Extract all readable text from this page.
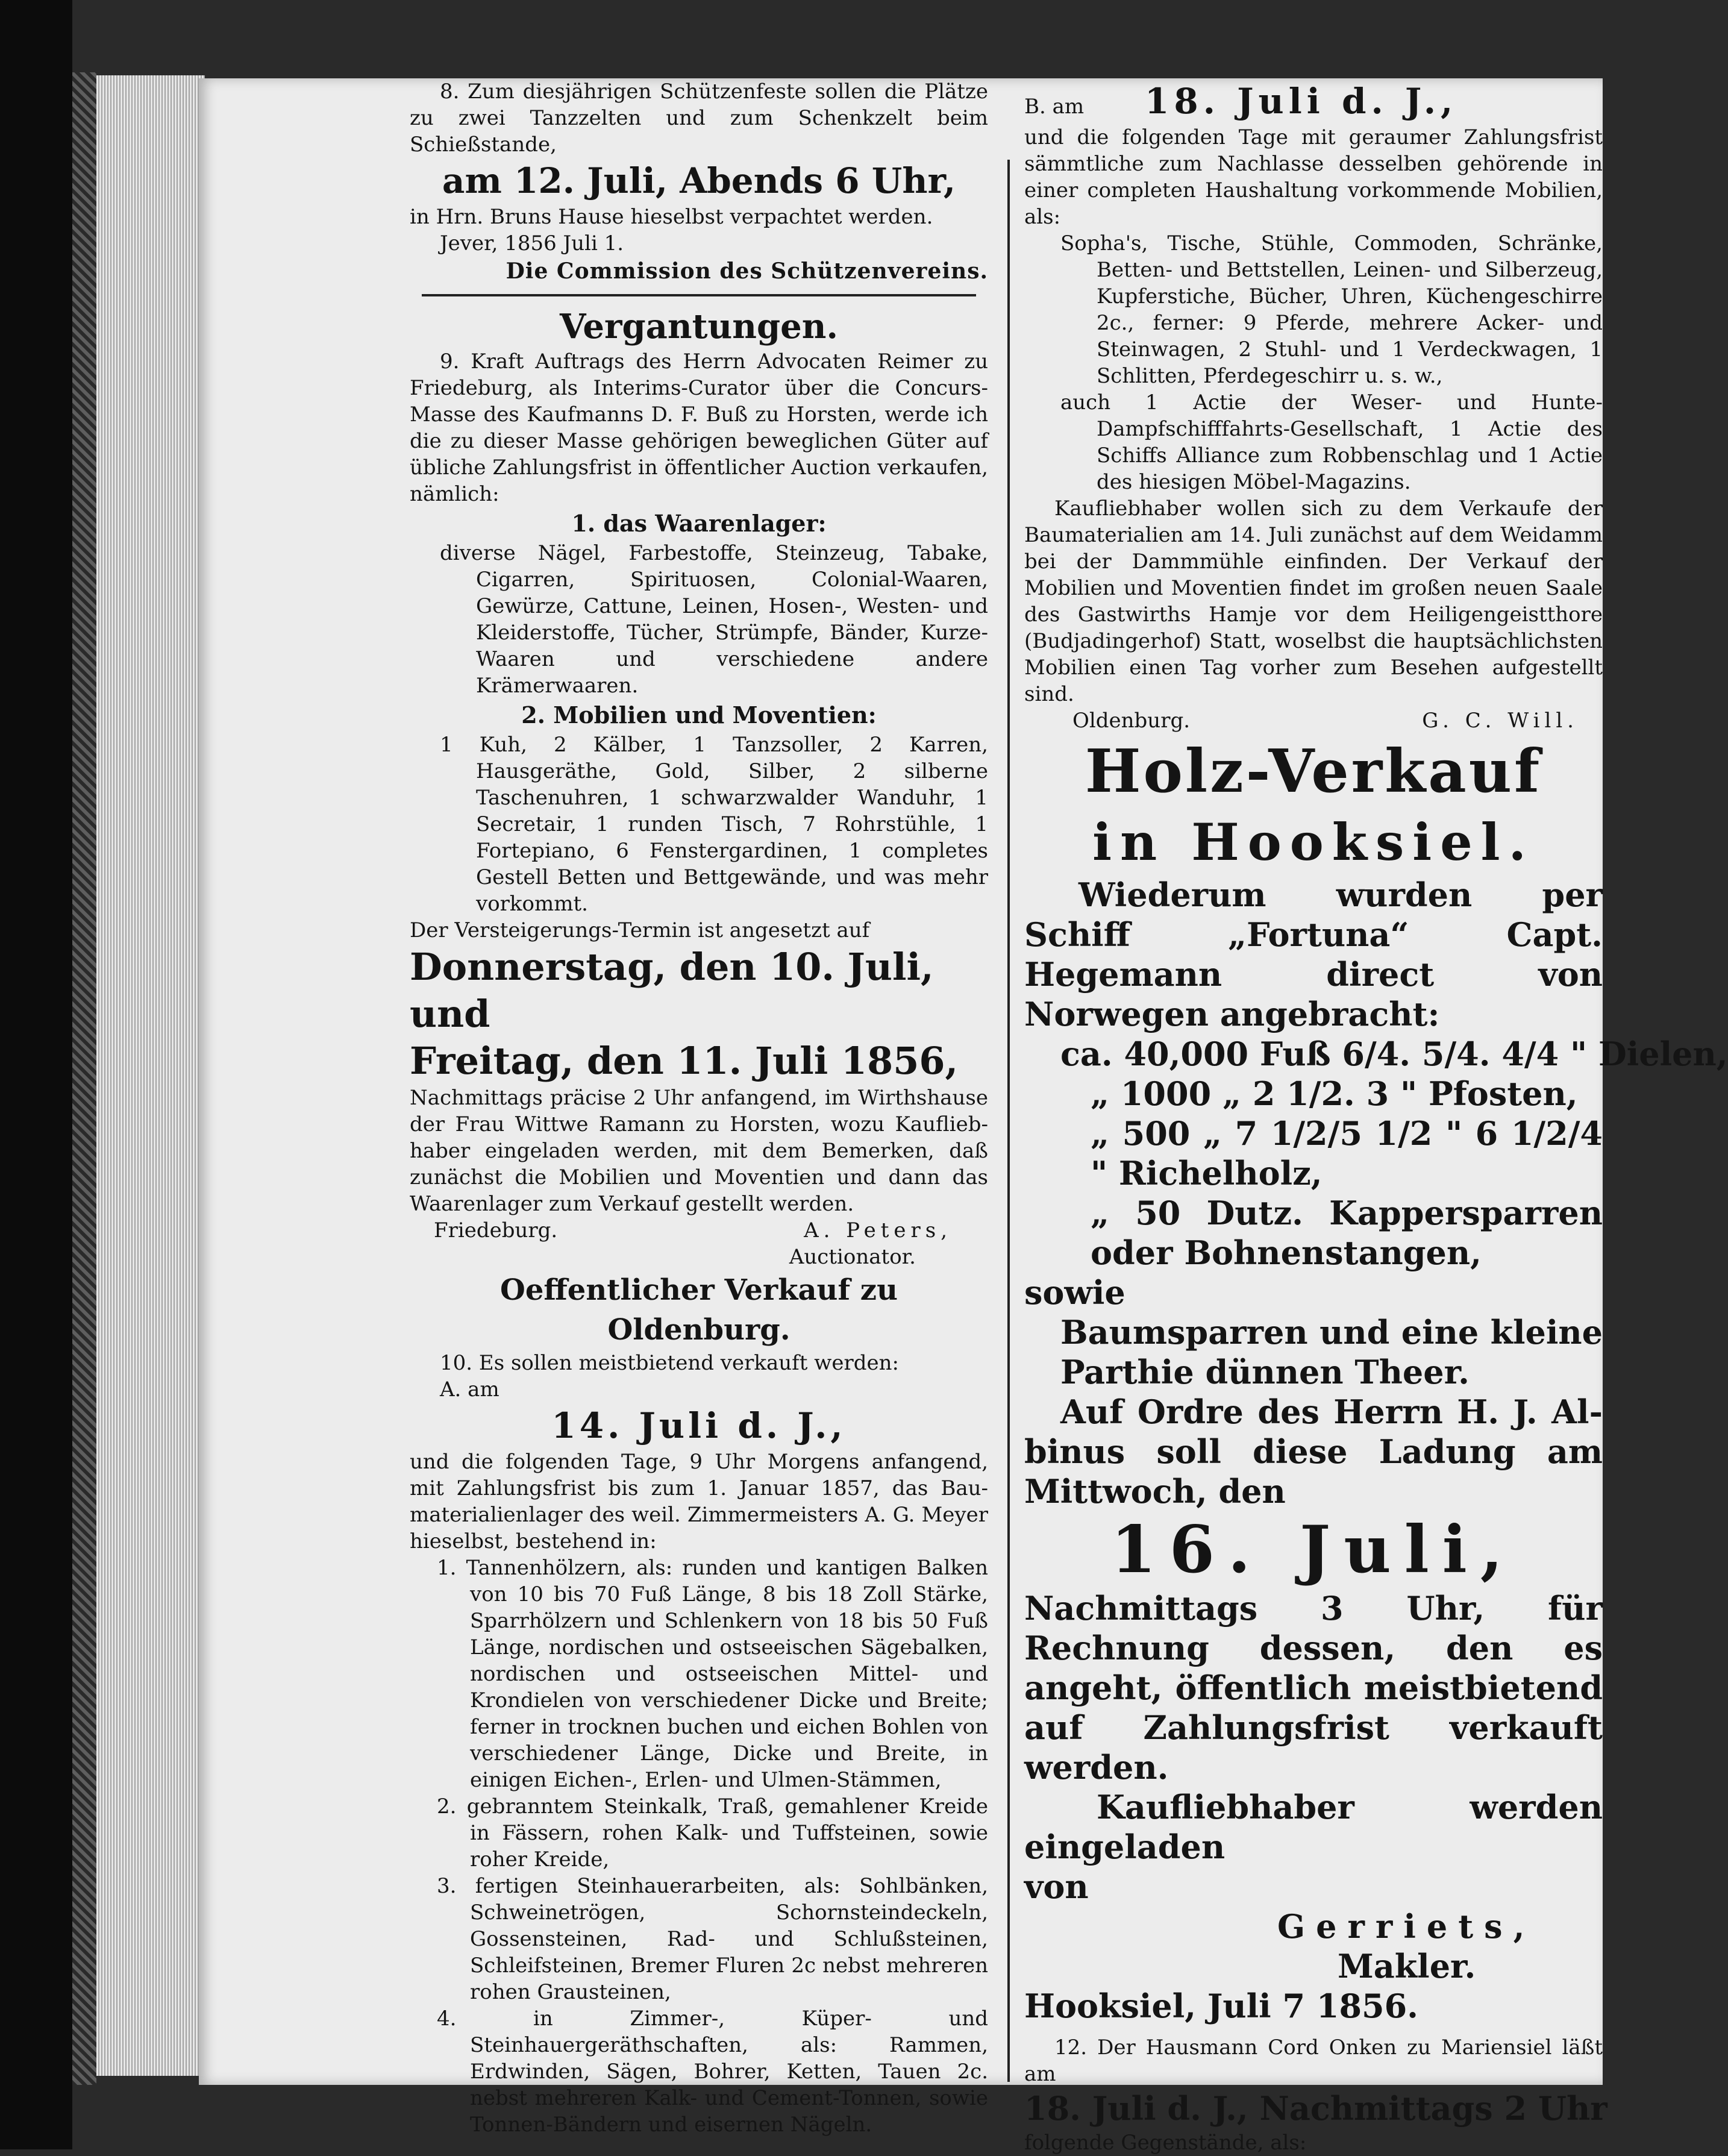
8. Zum diesjährigen Schützenfeste sollen die Plätze zu zwei Tanzzelten und zum Schenkzelt beim Schießstande,

am 12. Juli, Abends 6 Uhr,

in Hrn. Bruns Hause hieselbst verpachtet werden.

Jever, 1856 Juli 1.

Die Commission des Schützenvereins.
Vergantungen.

9. Kraft Auftrags des Herrn Advocaten Reimer zu Friedeburg, als Interims-Curator über die Concurs-Masse des Kaufmanns D. F. Buß zu Horsten, werde ich die zu dieser Masse gehörigen beweglichen Güter auf übliche Zahlungsfrist in öffentlicher Auction verkaufen, nämlich:

1. das Waarenlager:

diverse Nägel, Farbestoffe, Steinzeug, Tabake, Cigarren, Spirituosen, Colonial-Waaren, Gewürze, Cattune, Leinen, Hosen-, Westen- und Kleiderstoffe, Tücher, Strümpfe, Bänder, Kurze-Waaren und verschiedene andere Krämerwaaren.

2. Mobilien und Moventien:

1 Kuh, 2 Kälber, 1 Tanzsoller, 2 Karren, Hausgeräthe, Gold, Silber, 2 silberne Taschenuhren, 1 schwarzwalder Wanduhr, 1 Secretair, 1 runden Tisch, 7 Rohrstühle, 1 Fortepiano, 6 Fenstergardinen, 1 completes Gestell Betten und Bettgewände, und was mehr vorkommt.

Der Versteigerungs-Termin ist angesetzt auf

Donnerstag, den 10. Juli, und
Freitag, den 11. Juli 1856,

Nachmittags präcise 2 Uhr anfangend, im Wirthshause der Frau Wittwe Ramann zu Horsten, wozu Kaufliebhaber eingeladen werden, mit dem Bemerken, daß zunächst die Mobilien und Moventien und dann das Waarenlager zum Verkauf gestellt werden.

Friedeburg.	A. Peters,

Auctionator.

Oeffentlicher Verkauf zu Oldenburg.

10. Es sollen meistbietend verkauft werden:

A. am

14. Juli d. J.,

und die folgenden Tage, 9 Uhr Morgens anfangend, mit Zahlungsfrist bis zum 1. Januar 1857, das Baumaterialienlager des weil. Zimmermeisters A. G. Meyer hieselbst, bestehend in:

1. Tannenhölzern, als: runden und kantigen Balken von 10 bis 70 Fuß Länge, 8 bis 18 Zoll Stärke, Sparrhölzern und Schlenkern von 18 bis 50 Fuß Länge, nordischen und ostseeischen Sägebalken, nordischen und ostseeischen Mittel- und Krondielen von verschiedener Dicke und Breite; ferner in trocknen buchen und eichen Bohlen von verschiedener Länge, Dicke und Breite, in einigen Eichen-, Erlen- und Ulmen-Stämmen,

2. gebranntem Steinkalk, Traß, gemahlener Kreide in Fässern, rohen Kalk- und Tuffsteinen, sowie roher Kreide,

3. fertigen Steinhauerarbeiten, als: Sohlbänken, Schweinetrögen, Schornsteindeckeln, Gossensteinen, Rad- und Schlußsteinen, Schleifsteinen, Bremer Fluren 2c nebst mehreren rohen Grausteinen,

4. in Zimmer-, Küper- und Steinhauergeräthschaften, als: Rammen, Erdwinden, Sägen, Bohrer, Ketten, Tauen 2c. nebst mehreren Kalk- und Cement-Tonnen, sowie Tonnen-Bändern und eisernen Nägeln.

B. am	18. Juli d. J.,

und die folgenden Tage mit geraumer Zahlungsfrist sämmtliche zum Nachlasse desselben gehörende in einer completen Haushaltung vorkommende Mobilien, als:

Sopha's, Tische, Stühle, Commoden, Schränke, Betten- und Bettstellen, Leinen- und Silberzeug, Kupferstiche, Bücher, Uhren, Küchengeschirre 2c., ferner: 9 Pferde, mehrere Acker- und Steinwagen, 2 Stuhl- und 1 Verdeckwagen, 1 Schlitten, Pferdegeschirr u. s. w.,

auch 1 Actie der Weser- und Hunte-Dampfschifffahrts-Gesellschaft, 1 Actie des Schiffs Alliance zum Robbenschlag und 1 Actie des hiesigen Möbel-Magazins.

Kaufliebhaber wollen sich zu dem Verkaufe der Baumaterialien am 14. Juli zunächst auf dem Weidamm bei der Dammmühle einfinden. Der Verkauf der Mobilien und Moventien findet im großen neuen Saale des Gastwirths Hamje vor dem Heiligengeistthore (Budjadingerhof) Statt, woselbst die hauptsächlichsten Mobilien einen Tag vorher zum Besehen aufgestellt sind.

Oldenburg.	G. C. Will.
Holz-Verkauf
in Hooksiel.

Wiederum wurden per Schiff „Fortuna“ Capt. Hegemann direct von Norwegen angebracht:

ca. 40,000 Fuß 6/4. 5/4. 4/4 " Dielen,

„ 1000 „ 2 1/2. 3 " Pfosten,

„ 500 „ 7 1/2/5 1/2 " 6 1/2/4 " Richelholz,

„ 50 Dutz. Kappersparren oder Bohnenstangen,

sowie

Baumsparren und eine kleine Parthie dünnen Theer.

Auf Ordre des Herrn H. J. Albinus soll diese Ladung am Mittwoch, den

16. Juli,

Nachmittags 3 Uhr, für Rechnung dessen, den es angeht, öffentlich meistbietend auf Zahlungsfrist verkauft werden.

Kaufliebhaber werden eingeladen

von

Gerriets,

Makler.

Hooksiel, Juli 7 1856.

12. Der Hausmann Cord Onken zu Mariensiel läßt am

18. Juli d. J., Nachmittags 2 Uhr

folgende Gegenstände, als:
